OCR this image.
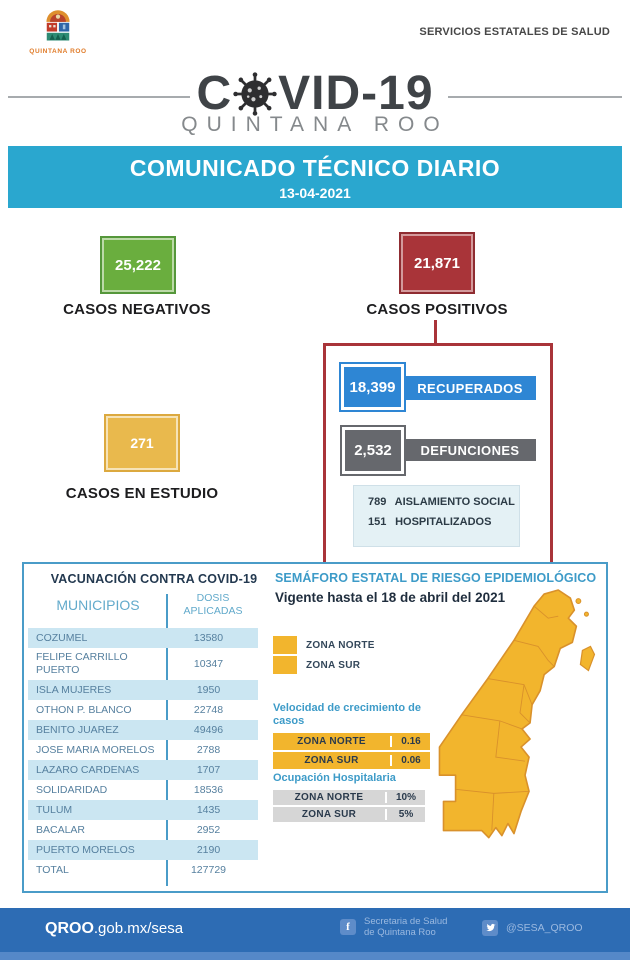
QUINTANA ROO
SERVICIOS ESTATALES DE SALUD
C VID-19
QUINTANA ROO
COMUNICADO TÉCNICO DIARIO
13-04-2021
25,222
CASOS NEGATIVOS
21,871
CASOS POSITIVOS
271
CASOS EN ESTUDIO
RECUPERADOS
18,399
DEFUNCIONES
2,532
789 AISLAMIENTO SOCIAL
151 HOSPITALIZADOS
VACUNACIÓN CONTRA COVID-19
MUNICIPIOS	DOSIS APLICADAS
COZUMEL	13580
FELIPE CARRILLO PUERTO	10347
ISLA MUJERES	1950
OTHON P. BLANCO	22748
BENITO JUAREZ	49496
JOSE MARIA MORELOS	2788
LAZARO CARDENAS	1707
SOLIDARIDAD	18536
TULUM	1435
BACALAR	2952
PUERTO MORELOS	2190
TOTAL	127729
SEMÁFORO ESTATAL DE RIESGO EPIDEMIOLÓGICO
Vigente hasta el 18 de abril del 2021
ZONA NORTE
ZONA SUR
Velocidad de crecimiento de casos
ZONA NORTE	0.16
ZONA SUR	0.06
Ocupación Hospitalaria
ZONA NORTE	10%
ZONA SUR	5%
QROO.gob.mx/sesa	f	Secretaria de Salud
de Quintana Roo	@SESA_QROO
